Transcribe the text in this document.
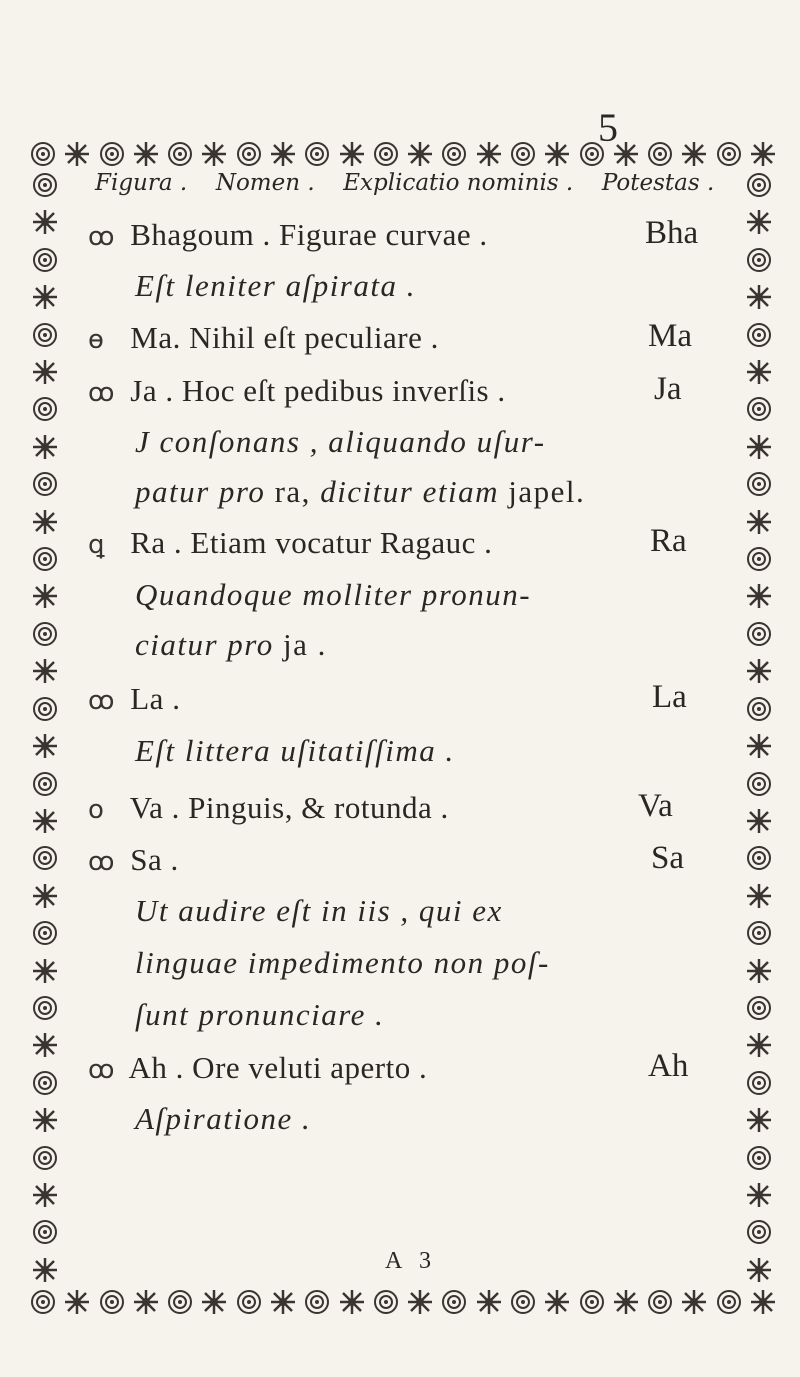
5
Figura . Nomen . Explicatio nominis . Potestas .
ꝏ Bhagoum . Figurae curvae .	Bha
Eſt leniter aſpirata .
ɵ Ma. Nihil eſt peculiare .	Ma
ꝏ Ja . Hoc eſt pedibus inverſis .	Ja
J conſonans , aliquando uſur-
patur pro ra, dicitur etiam japel.
ꝗ Ra . Etiam vocatur Ragauc .	Ra
Quandoque molliter pronun-
ciatur pro ja .
ꝏ La .	La
Eſt littera uſitatiſſima .
o Va . Pinguis, & rotunda .	Va
ꝏ Sa .	Sa
Ut audire eſt in iis , qui ex
linguae impedimento non poſ-
ſunt pronunciare .
ꝏ Ah . Ore veluti aperto .	Ah
Aſpiratione .
A 3
